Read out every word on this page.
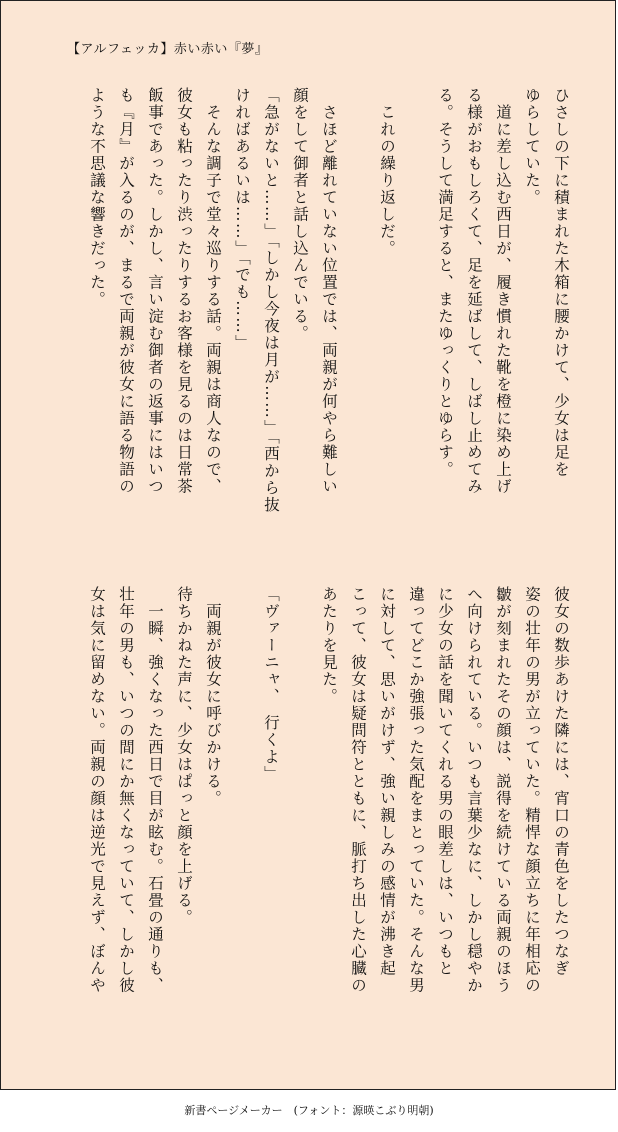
【アルフェッカ】赤い赤い『夢』

ひさしの下に積まれた木箱に腰かけて、少女は足を

ゆらしていた。

　道に差し込む西日が、履き慣れた靴を橙に染め上げ

る様がおもしろくて、足を延ばして、しばし止めてみ

る。そうして満足すると、またゆっくりとゆらす。

　これの繰り返しだ。

　さほど離れていない位置では、両親が何やら難しい

顔をして御者と話し込んでいる。

「急がないと……」「しかし今夜は月が……」「西から抜

ければあるいは……」「でも……」

　そんな調子で堂々巡りする話。両親は商人なので、

彼女も粘ったり渋ったりするお客様を見るのは日常茶

飯事であった。しかし、言い淀む御者の返事にはいつ

も『月』が入るのが、まるで両親が彼女に語る物語の

ような不思議な響きだった。

彼女の数歩あけた隣には、宵口の青色をしたつなぎ

姿の壮年の男が立っていた。精悍な顔立ちに年相応の

皺が刻まれたその顔は、説得を続けている両親のほう

へ向けられている。いつも言葉少なに、しかし穏やか

に少女の話を聞いてくれる男の眼差しは、いつもと

違ってどこか強張った気配をまとっていた。そんな男

に対して、思いがけず、強い親しみの感情が沸き起

こって、彼女は疑問符とともに、脈打ち出した心臓の

あたりを見た。

「ヴァーニャ、　行くよ」

　両親が彼女に呼びかける。

待ちかねた声に、少女はぱっと顔を上げる。

　一瞬、強くなった西日で目が眩む。石畳の通りも、

壮年の男も、いつの間にか無くなっていて、しかし彼

女は気に留めない。両親の顔は逆光で見えず、ぼんや

新書ページメーカー　(フォント：源暎こぶり明朝)
